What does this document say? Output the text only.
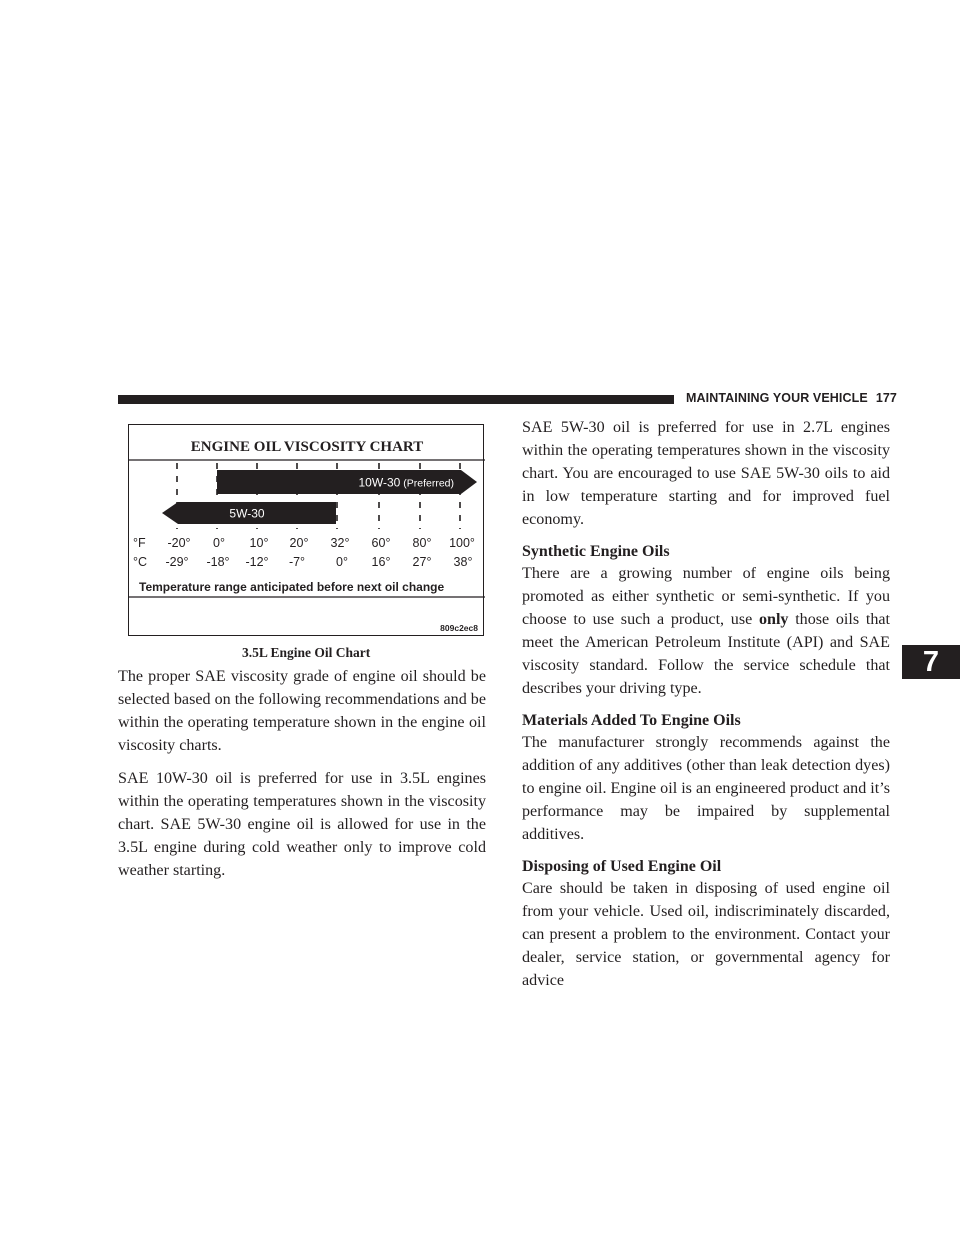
MAINTAINING YOUR VEHICLE 177
ENGINE OIL VISCOSITY CHART
10W-30 (Preferred)
5W-30
°F
°C
-20° 0° 10° 20° 32° 60° 80° 100°
-29° -18° -12° -7° 0° 16° 27° 38°
Temperature range anticipated before next oil change
809c2ec8
3.5L Engine Oil Chart

The proper SAE viscosity grade of engine oil should be selected based on the following recommendations and be within the operating temperature shown in the engine oil viscosity charts.

SAE 10W-30 oil is preferred for use in 3.5L engines within the operating temperatures shown in the viscosity chart. SAE 5W-30 engine oil is allowed for use in the 3.5L engine during cold weather only to improve cold weather starting.

SAE 5W-30 oil is preferred for use in 2.7L engines within the operating temperatures shown in the viscosity chart. You are encouraged to use SAE 5W-30 oils to aid in low temperature starting and for improved fuel economy.

Synthetic Engine Oils

There are a growing number of engine oils being promoted as either synthetic or semi-synthetic. If you choose to use such a product, use only those oils that meet the American Petroleum Institute (API) and SAE viscosity standard. Follow the service schedule that describes your driving type.

Materials Added To Engine Oils

The manufacturer strongly recommends against the addition of any additives (other than leak detection dyes) to engine oil. Engine oil is an engineered product and it’s performance may be impaired by supplemental additives.

Disposing of Used Engine Oil

Care should be taken in disposing of used engine oil from your vehicle. Used oil, indiscriminately discarded, can present a problem to the environment. Contact your dealer, service station, or governmental agency for advice

7
